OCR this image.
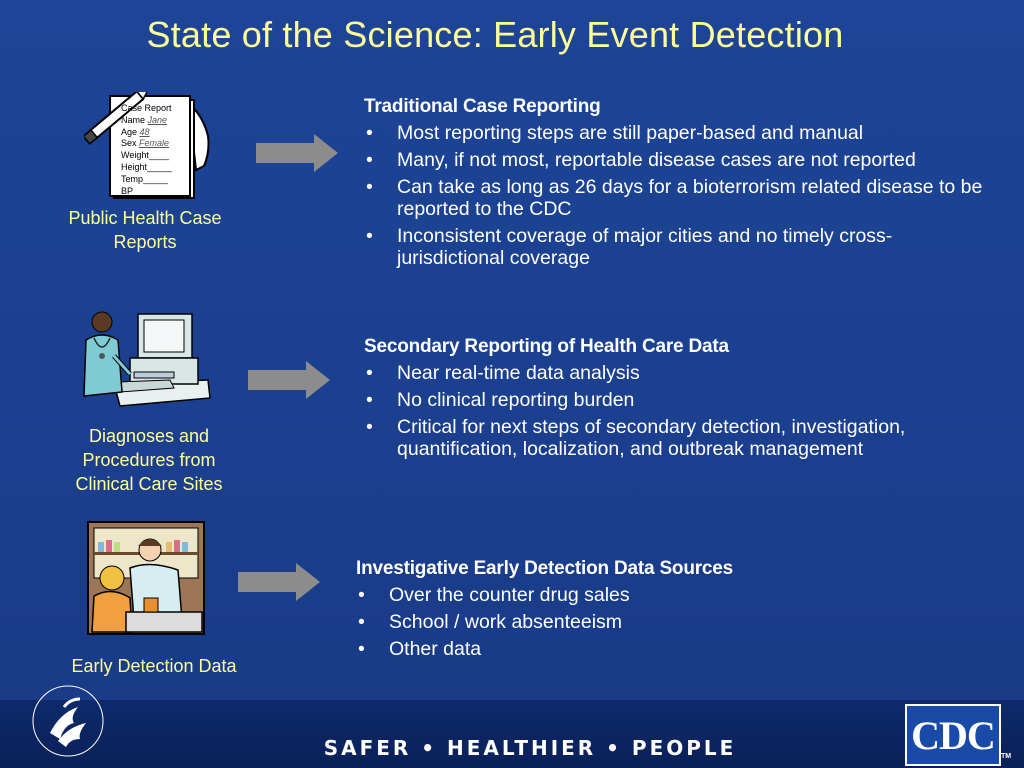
State of the Science: Early Event Detection
Case Report
Name Jane
Age 48
Sex Female
Weight____
Height_____
Temp_____
BP______
Public Health Case
Reports
Traditional Case Reporting
• Most reporting steps are still paper-based and manual
• Many, if not most, reportable disease cases are not reported
• Can take as long as 26 days for a bioterrorism related disease to be reported to the CDC
• Inconsistent coverage of major cities and no timely cross-jurisdictional coverage
Diagnoses and
Procedures from
Clinical Care Sites
Secondary Reporting of Health Care Data
• Near real-time data analysis
• No clinical reporting burden
• Critical for next steps of secondary detection, investigation, quantification, localization, and outbreak management
Early Detection Data
Investigative Early Detection Data Sources
• Over the counter drug sales
• School / work absenteeism
• Other data
SAFER • HEALTHIER • PEOPLE	CDC TM
